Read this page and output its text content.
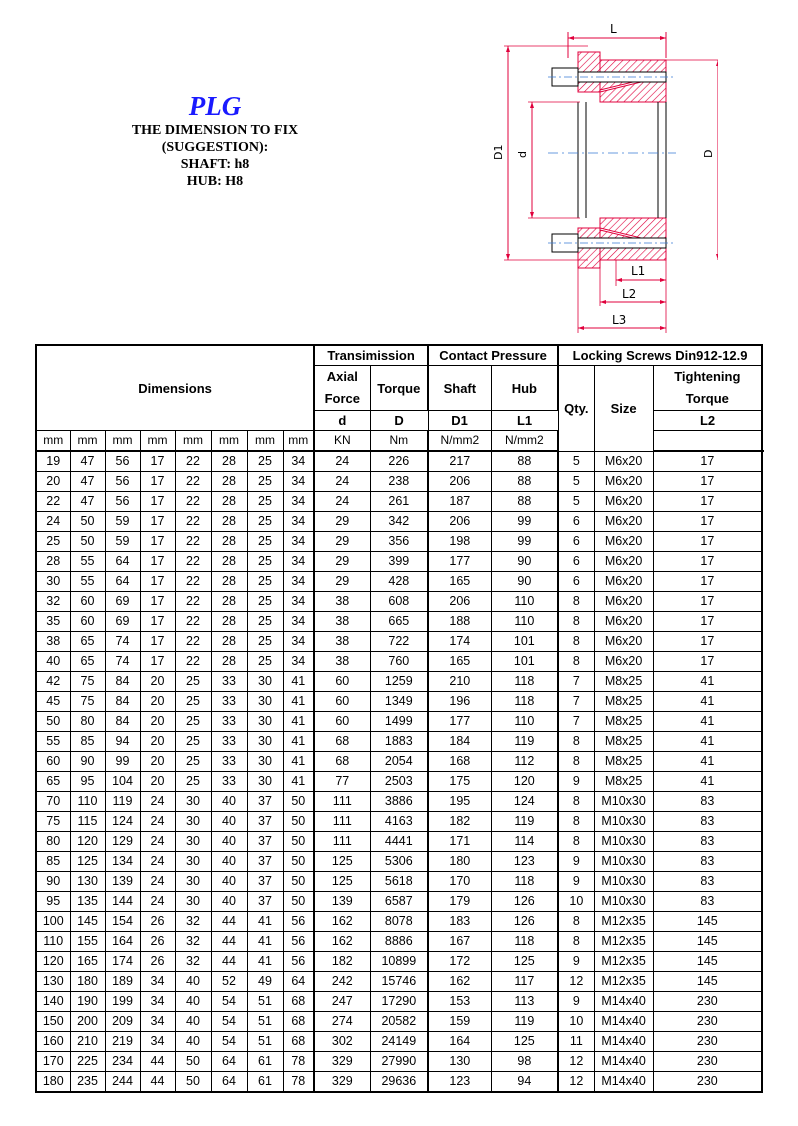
PLG
THE DIMENSION TO FIX
(SUGGESTION):
SHAFT: h8
HUB: H8
L
D1 d	D
L1
L2
L3
Dimensions								Transimission		Contact Pressure		Locking Screws Din912-12.9			
								Axial Force	Torque	Shaft	Hub	Qty.	Size	Tightening Torque	
								d	D	D1	L1			L2								
mm	mm	mm	mm	mm	mm	mm	mm	KN	Nm	N/mm2	N/mm2			
19	47	56	17	22	28	25	34	24	226	217	88	5	M6x20	17	
20	47	56	17	22	28	25	34	24	238	206	88	5	M6x20	17	
22	47	56	17	22	28	25	34	24	261	187	88	5	M6x20	17	
24	50	59	17	22	28	25	34	29	342	206	99	6	M6x20	17	
25	50	59	17	22	28	25	34	29	356	198	99	6	M6x20	17	
28	55	64	17	22	28	25	34	29	399	177	90	6	M6x20	17	
30	55	64	17	22	28	25	34	29	428	165	90	6	M6x20	17	
32	60	69	17	22	28	25	34	38	608	206	110	8	M6x20	17	
35	60	69	17	22	28	25	34	38	665	188	110	8	M6x20	17	
38	65	74	17	22	28	25	34	38	722	174	101	8	M6x20	17	
40	65	74	17	22	28	25	34	38	760	165	101	8	M6x20	17	
42	75	84	20	25	33	30	41	60	1259	210	118	7	M8x25	41	
45	75	84	20	25	33	30	41	60	1349	196	118	7	M8x25	41	
50	80	84	20	25	33	30	41	60	1499	177	110	7	M8x25	41	
55	85	94	20	25	33	30	41	68	1883	184	119	8	M8x25	41	
60	90	99	20	25	33	30	41	68	2054	168	112	8	M8x25	41	
65	95	104	20	25	33	30	41	77	2503	175	120	9	M8x25	41	
70	110	119	24	30	40	37	50	111	3886	195	124	8	M10x30	83	
75	115	124	24	30	40	37	50	111	4163	182	119	8	M10x30	83	
80	120	129	24	30	40	37	50	111	4441	171	114	8	M10x30	83	
85	125	134	24	30	40	37	50	125	5306	180	123	9	M10x30	83	
90	130	139	24	30	40	37	50	125	5618	170	118	9	M10x30	83	
95	135	144	24	30	40	37	50	139	6587	179	126	10	M10x30	83	
100	145	154	26	32	44	41	56	162	8078	183	126	8	M12x35	145	
110	155	164	26	32	44	41	56	162	8886	167	118	8	M12x35	145	
120	165	174	26	32	44	41	56	182	10899	172	125	9	M12x35	145	
130	180	189	34	40	52	49	64	242	15746	162	117	12	M12x35	145	
140	190	199	34	40	54	51	68	247	17290	153	113	9	M14x40	230	
150	200	209	34	40	54	51	68	274	20582	159	119	10	M14x40	230	
160	210	219	34	40	54	51	68	302	24149	164	125	11	M14x40	230	
170	225	234	44	50	64	61	78	329	27990	130	98	12	M14x40	230	
180	235	244	44	50	64	61	78	329	29636	123	94	12	M14x40	230	
